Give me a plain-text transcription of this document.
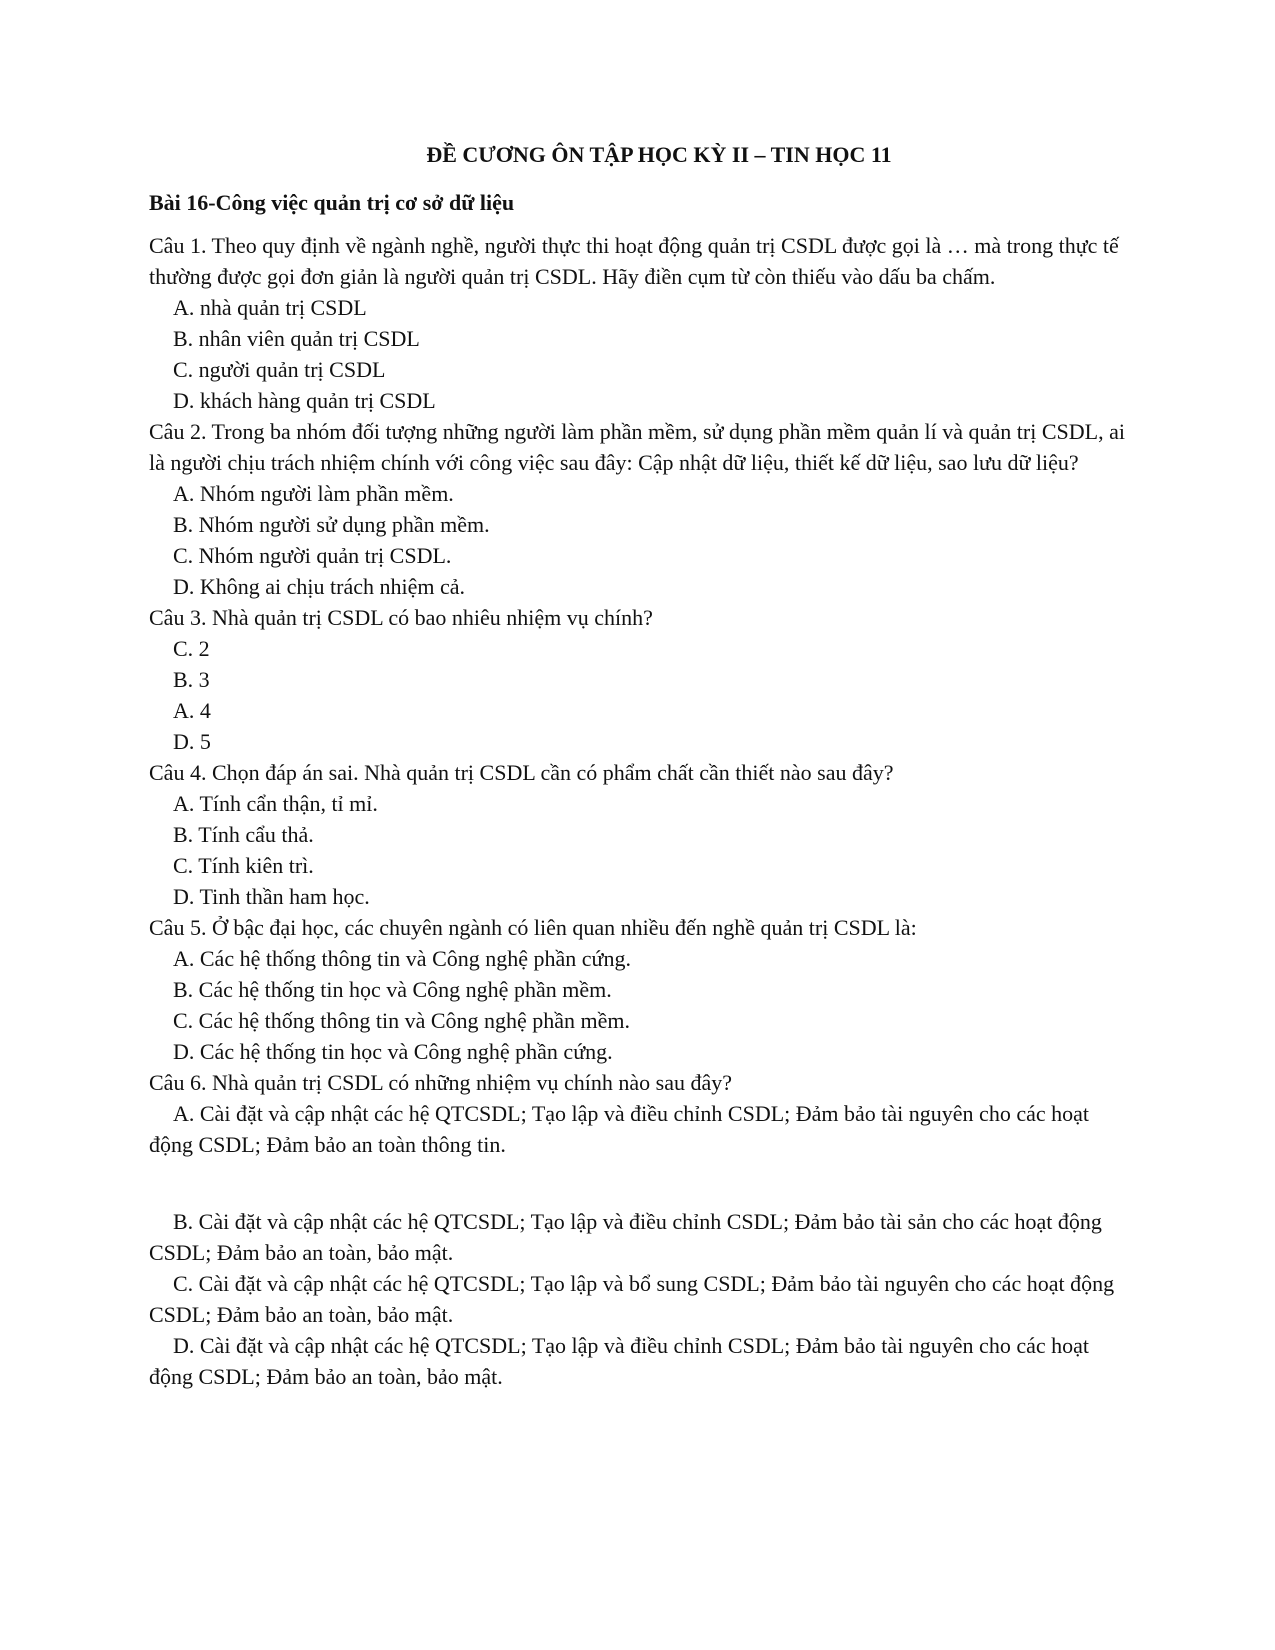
ĐỀ CƯƠNG ÔN TẬP HỌC KỲ II – TIN HỌC 11
Bài 16-Công việc quản trị cơ sở dữ liệu

Câu 1. Theo quy định về ngành nghề, người thực thi hoạt động quản trị CSDL được gọi là … mà trong thực tế thường được gọi đơn giản là người quản trị CSDL. Hãy điền cụm từ còn thiếu vào dấu ba chấm.

A. nhà quản trị CSDL

B. nhân viên quản trị CSDL

C. người quản trị CSDL

D. khách hàng quản trị CSDL

Câu 2. Trong ba nhóm đối tượng những người làm phần mềm, sử dụng phần mềm quản lí và quản trị CSDL, ai là người chịu trách nhiệm chính với công việc sau đây: Cập nhật dữ liệu, thiết kế dữ liệu, sao lưu dữ liệu?

A. Nhóm người làm phần mềm.

B. Nhóm người sử dụng phần mềm.

C. Nhóm người quản trị CSDL.

D. Không ai chịu trách nhiệm cả.

Câu 3. Nhà quản trị CSDL có bao nhiêu nhiệm vụ chính?

C. 2

B. 3

A. 4

D. 5

Câu 4. Chọn đáp án sai. Nhà quản trị CSDL cần có phẩm chất cần thiết nào sau đây?

A. Tính cẩn thận, tỉ mỉ.

B. Tính cẩu thả.

C. Tính kiên trì.

D. Tinh thần ham học.

Câu 5. Ở bậc đại học, các chuyên ngành có liên quan nhiều đến nghề quản trị CSDL là:

A. Các hệ thống thông tin và Công nghệ phần cứng.

B. Các hệ thống tin học và Công nghệ phần mềm.

C. Các hệ thống thông tin và Công nghệ phần mềm.

D. Các hệ thống tin học và Công nghệ phần cứng.

Câu 6. Nhà quản trị CSDL có những nhiệm vụ chính nào sau đây?

A. Cài đặt và cập nhật các hệ QTCSDL; Tạo lập và điều chỉnh CSDL; Đảm bảo tài nguyên cho các hoạt động CSDL; Đảm bảo an toàn thông tin.

B. Cài đặt và cập nhật các hệ QTCSDL; Tạo lập và điều chỉnh CSDL; Đảm bảo tài sản cho các hoạt động CSDL; Đảm bảo an toàn, bảo mật.

C. Cài đặt và cập nhật các hệ QTCSDL; Tạo lập và bổ sung CSDL; Đảm bảo tài nguyên cho các hoạt động CSDL; Đảm bảo an toàn, bảo mật.

D. Cài đặt và cập nhật các hệ QTCSDL; Tạo lập và điều chỉnh CSDL; Đảm bảo tài nguyên cho các hoạt động CSDL; Đảm bảo an toàn, bảo mật.
